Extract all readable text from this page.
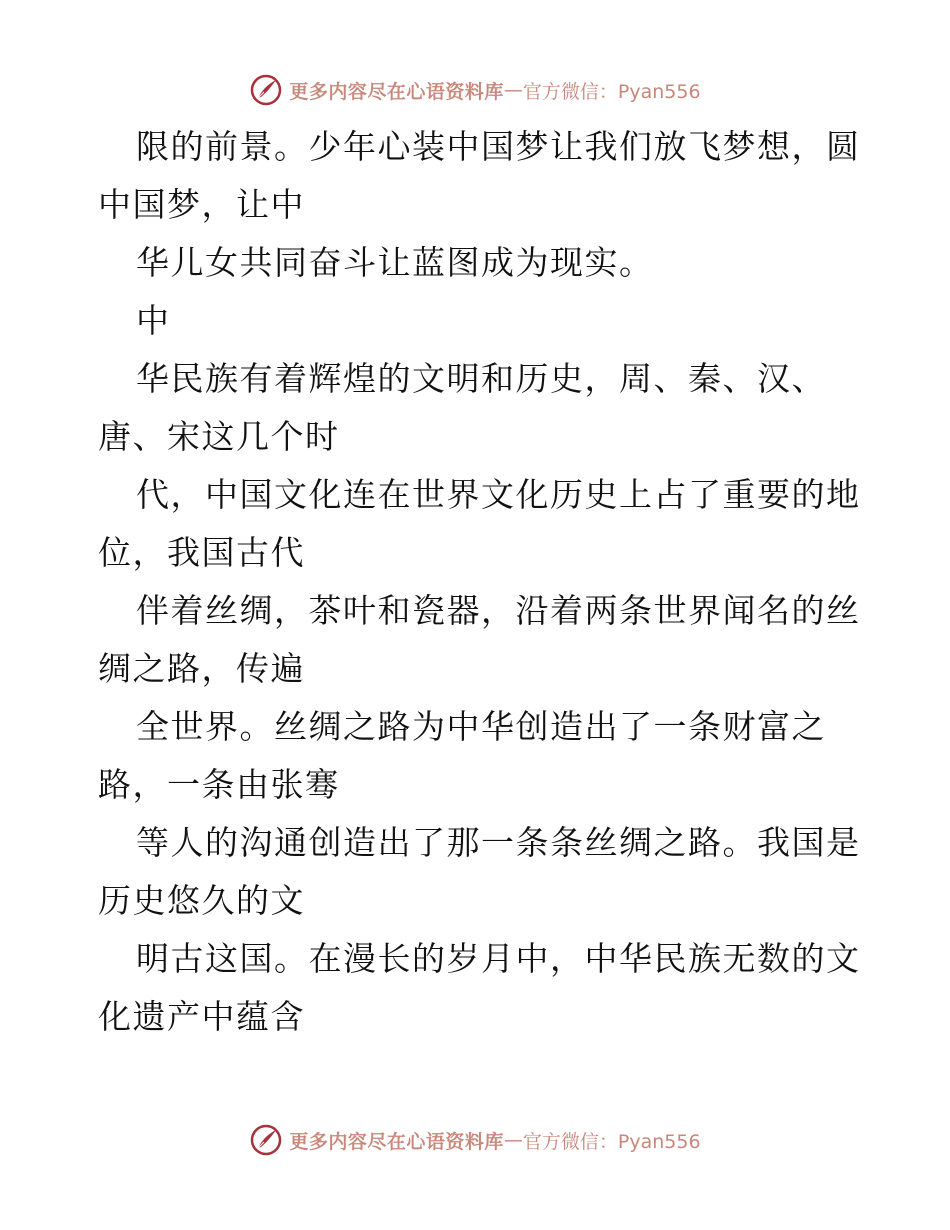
更多内容尽在心语资料库 — 官方微信：Pyan556
限的前景。少年心装中国梦让我们放飞梦想，圆
中国梦，让中
华儿女共同奋斗让蓝图成为现实。
中
华民族有着辉煌的文明和历史，周、秦、汉、
唐、宋这几个时
代，中国文化连在世界文化历史上占了重要的地
位，我国古代
伴着丝绸，茶叶和瓷器，沿着两条世界闻名的丝
绸之路，传遍
全世界。丝绸之路为中华创造出了一条财富之
路，一条由张骞
等人的沟通创造出了那一条条丝绸之路。我国是
历史悠久的文
明古这国。在漫长的岁月中，中华民族无数的文
化遗产中蕴含
更多内容尽在心语资料库 — 官方微信：Pyan556
